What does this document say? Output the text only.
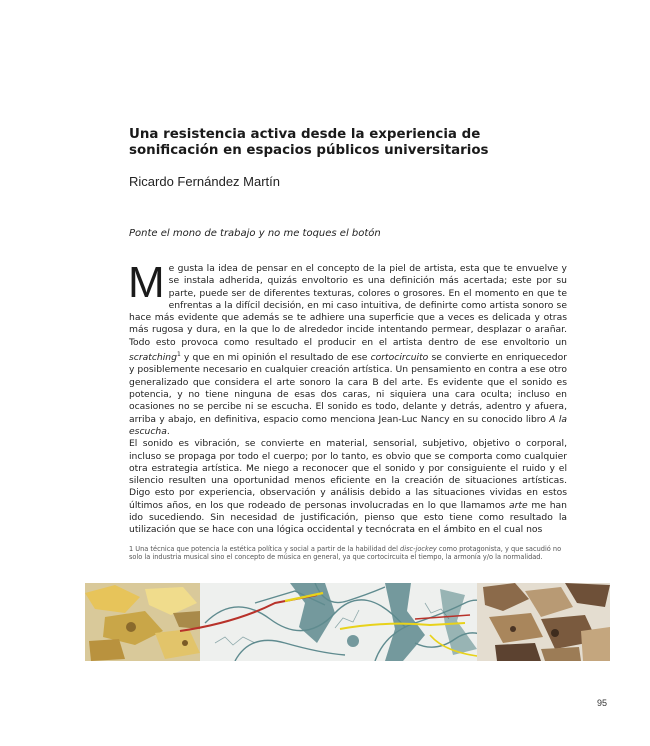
Una resistencia activa desde la experiencia de sonificación en espacios públicos universitarios

Ricardo Fernández Martín

Ponte el mono de trabajo y no me toques el botón

Me gusta la idea de pensar en el concepto de la piel de artista, esta que te envuelve y se instala adherida, quizás envoltorio es una definición más acertada; este por su parte, puede ser de diferentes texturas, colores o grosores. En el momento en que te enfrentas a la difícil decisión, en mi caso intuitiva, de definirte como artista sonoro se hace más evidente que además se te adhiere una superficie que a veces es delicada y otras más rugosa y dura, en la que lo de alrededor incide intentando permear, desplazar o arañar. Todo esto provoca como resultado el producir en el artista dentro de ese envoltorio un scratching$^1$ y que en mi opinión el resultado de ese cortocircuito se convierte en enriquecedor y posiblemente necesario en cualquier creación artística. Un pensamiento en contra a ese otro generalizado que considera el arte sonoro la cara B del arte. Es evidente que el sonido es potencia, y no tiene ninguna de esas dos caras, ni siquiera una cara oculta; incluso en ocasiones no se percibe ni se escucha. El sonido es todo, delante y detrás, adentro y afuera, arriba y abajo, en definitiva, espacio como menciona Jean-Luc Nancy en su conocido libro A la escucha.

El sonido es vibración, se convierte en material, sensorial, subjetivo, objetivo o corporal, incluso se propaga por todo el cuerpo; por lo tanto, es obvio que se comporta como cualquier otra estrategia artística. Me niego a reconocer que el sonido y por consiguiente el ruido y el silencio resulten una oportunidad menos eficiente en la creación de situaciones artísticas. Digo esto por experiencia, observación y análisis debido a las situaciones vividas en estos últimos años, en los que rodeado de personas involucradas en lo que llamamos arte me han ido sucediendo. Sin necesidad de justificación, pienso que esto tiene como resultado la utilización que se hace con una lógica occidental y tecnócrata en el ámbito en el cual nos

1 Una técnica que potencia la estética política y social a partir de la habilidad del disc-jockey como protagonista, y que sacudió no solo la industria musical sino el concepto de música en general, ya que cortocircuita el tiempo, la armonía y/o la normalidad.

95
